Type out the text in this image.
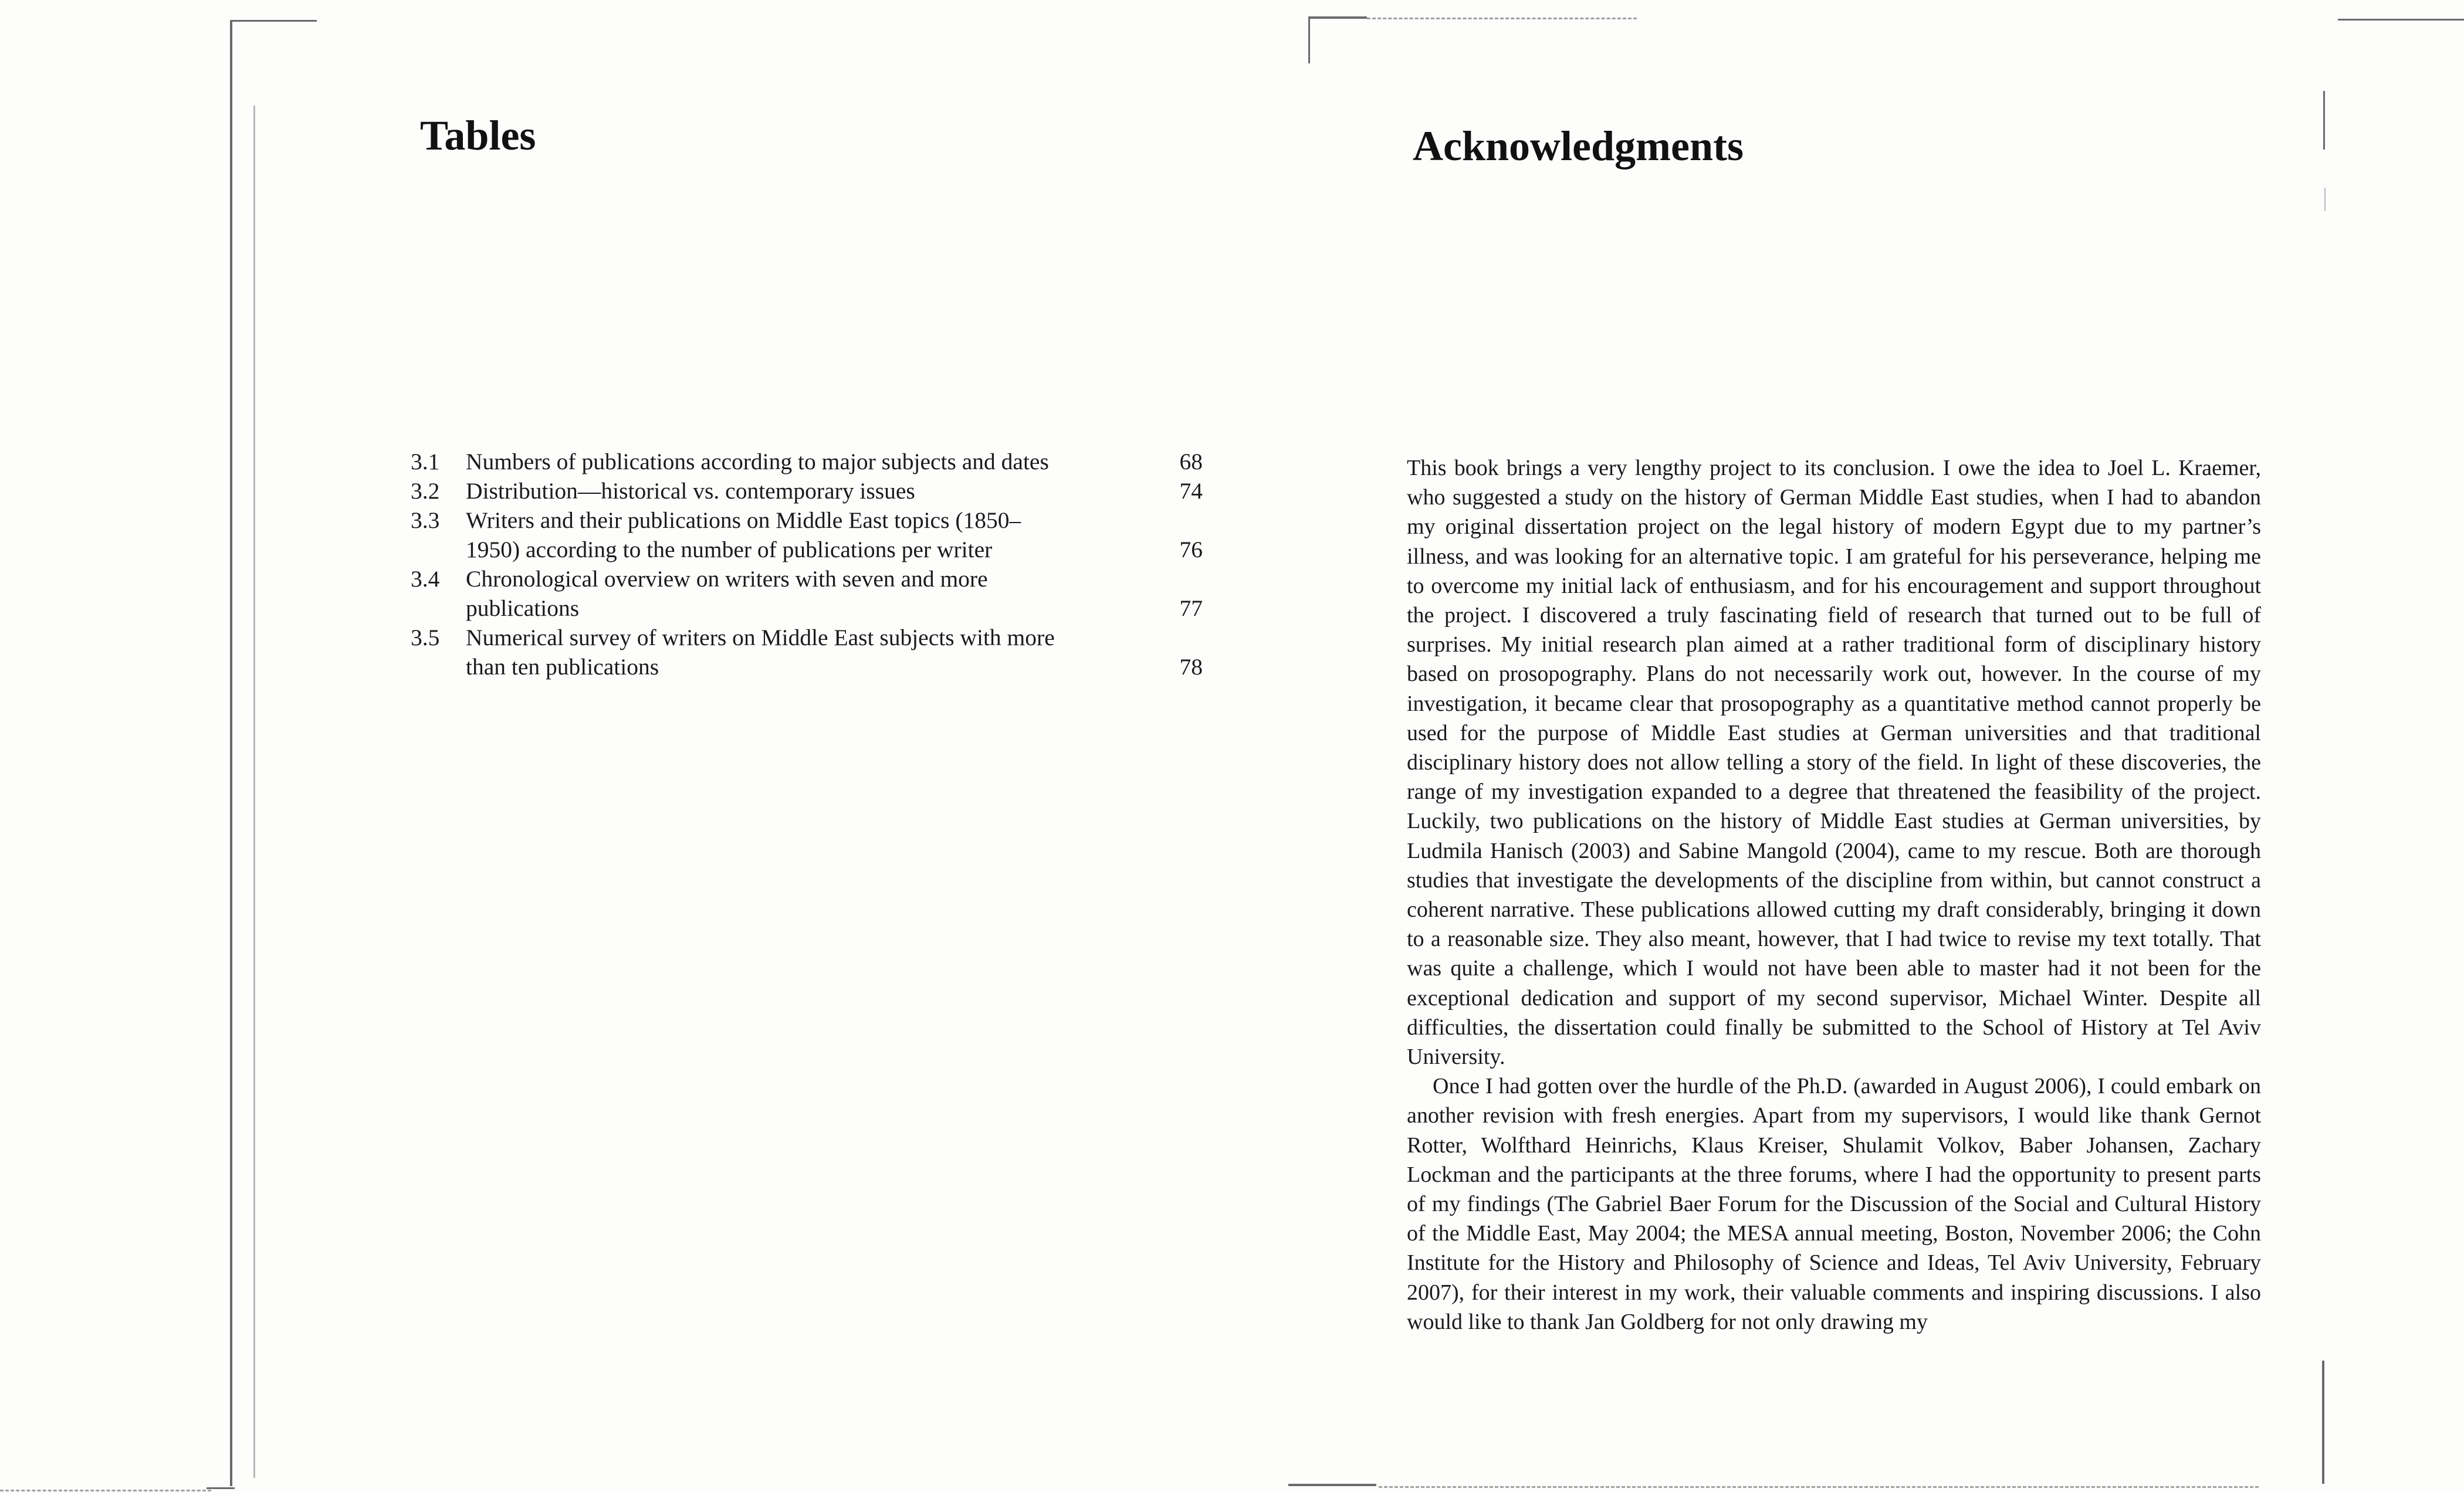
Tables
3.1	Numbers of publications according to major subjects and dates	68
3.2	Distribution—historical vs. contemporary issues	74
3.3	Writers and their publications on Middle East topics (1850–1950) according to the number of publications per writer	76
3.4	Chronological overview on writers with seven and more publications	77
3.5	Numerical survey of writers on Middle East subjects with more than ten publications	78
Acknowledgments

This book brings a very lengthy project to its conclusion. I owe the idea to Joel L. Kraemer, who suggested a study on the history of German Middle East studies, when I had to abandon my original dissertation project on the legal history of modern Egypt due to my partner’s illness, and was looking for an alternative topic. I am grateful for his perseverance, helping me to overcome my initial lack of enthusiasm, and for his encouragement and support throughout the project. I discovered a truly fascinating field of research that turned out to be full of surprises. My initial research plan aimed at a rather traditional form of disciplinary history based on prosopography. Plans do not necessarily work out, however. In the course of my investigation, it became clear that prosopography as a quantitative method cannot properly be used for the purpose of Middle East studies at German universities and that traditional disciplinary history does not allow telling a story of the field. In light of these discoveries, the range of my investigation expanded to a degree that threatened the feasibility of the project. Luckily, two publications on the history of Middle East studies at German universities, by Ludmila Hanisch (2003) and Sabine Mangold (2004), came to my rescue. Both are thorough studies that investigate the developments of the discipline from within, but cannot construct a coherent narrative. These publications allowed cutting my draft considerably, bringing it down to a reasonable size. They also meant, however, that I had twice to revise my text totally. That was quite a challenge, which I would not have been able to master had it not been for the exceptional dedication and support of my second supervisor, Michael Winter. Despite all difficulties, the dissertation could finally be submitted to the School of History at Tel Aviv University.

Once I had gotten over the hurdle of the Ph.D. (awarded in August 2006), I could embark on another revision with fresh energies. Apart from my supervisors, I would like thank Gernot Rotter, Wolfthard Heinrichs, Klaus Kreiser, Shulamit Volkov, Baber Johansen, Zachary Lockman and the participants at the three forums, where I had the opportunity to present parts of my findings (The Gabriel Baer Forum for the Discussion of the Social and Cultural History of the Middle East, May 2004; the MESA annual meeting, Boston, November 2006; the Cohn Institute for the History and Philosophy of Science and Ideas, Tel Aviv University, February 2007), for their interest in my work, their valuable comments and inspiring discussions. I also would like to thank Jan Goldberg for not only drawing my
